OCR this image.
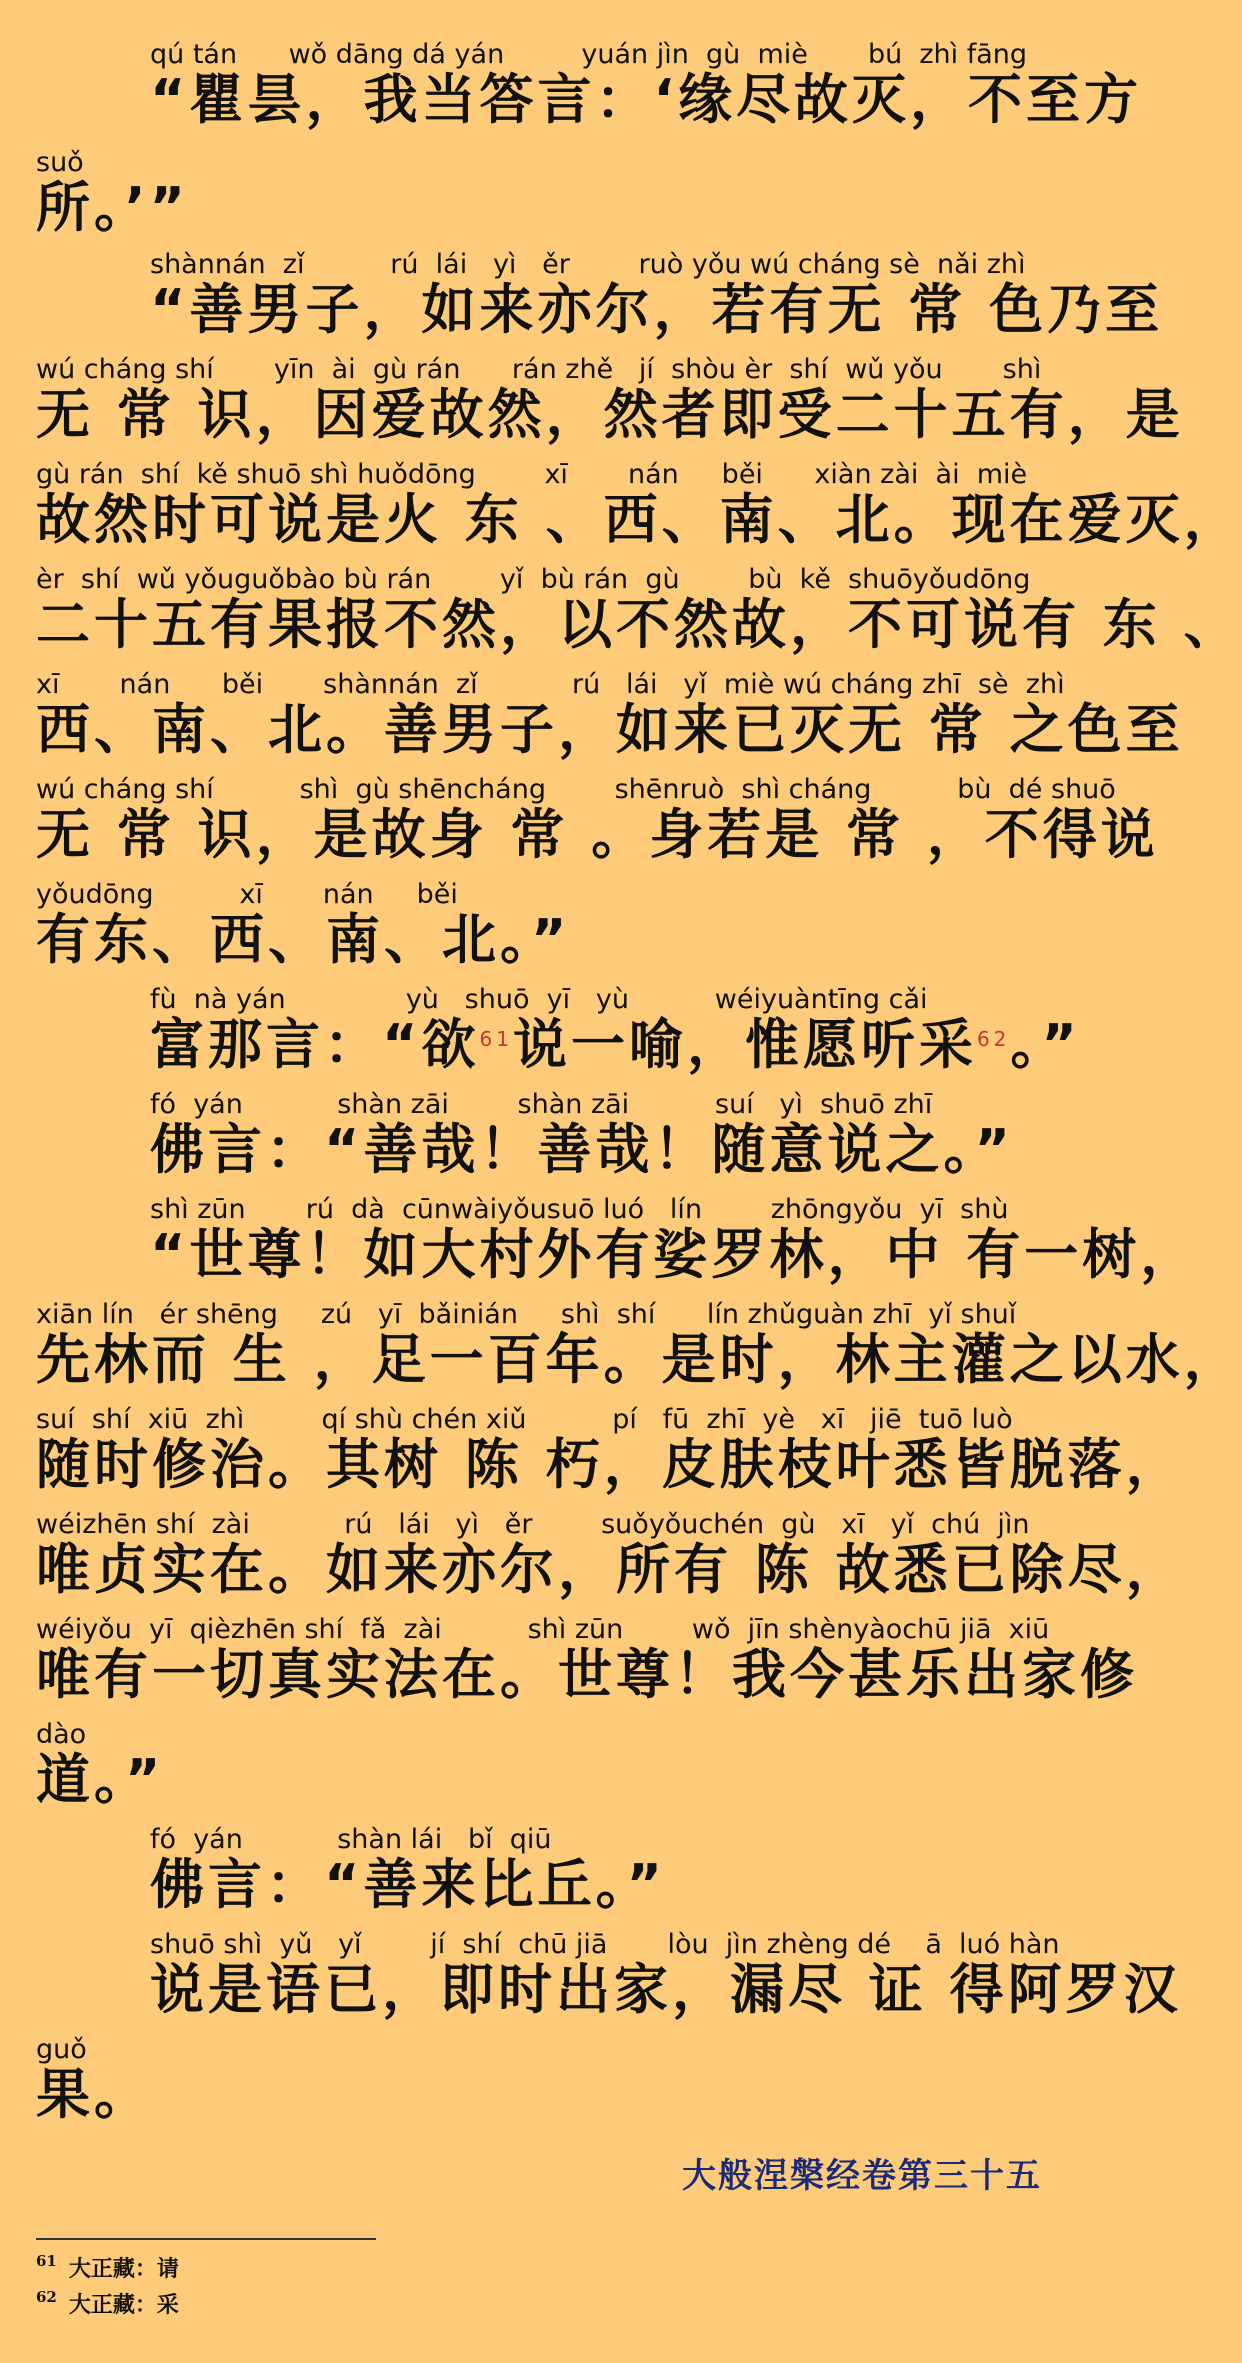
qú tán      wǒ dāng dá yán         yuán jìn  gù  miè       bú  zhì fāng
“瞿昙，我当答言：‘缘尽故灭，不至方
suǒ
所。’”
shànnán  zǐ          rú  lái   yì   ěr        ruò yǒu wú cháng sè  nǎi zhì
“善男子，如来亦尔，若有无 常 色乃至
wú cháng shí       yīn  ài  gù rán      rán zhě   jí  shòu èr  shí  wǔ yǒu       shì
无 常 识，因爱故然，然者即受二十五有，是
gù rán  shí  kě shuō shì huǒdōng        xī       nán     běi      xiàn zài  ài  miè
故然时可说是火 东 、西、南、北。现在爱灭，
èr  shí  wǔ yǒuguǒbào bù rán        yǐ  bù rán  gù        bù  kě  shuōyǒudōng
二十五有果报不然，以不然故，不可说有 东 、
xī       nán      běi       shànnán  zǐ           rú   lái   yǐ  miè wú cháng zhī  sè  zhì
西、南、北。善男子，如来已灭无 常 之色至
wú cháng shí          shì  gù shēncháng        shēnruò  shì cháng          bù  dé shuō
无 常 识，是故身 常 。身若是 常 ，不得说
yǒudōng          xī       nán     běi
有东、西、南、北。”
fù  nà yán              yù   shuō  yī   yù          wéiyuàntīng cǎi
富那言：“欲$^{61}$说一喻，惟愿听采$^{62}$。”
fó  yán           shàn zāi        shàn zāi          suí   yì  shuō zhī
佛言：“善哉！善哉！随意说之。”
shì zūn       rú  dà  cūnwàiyǒusuō luó   lín        zhōngyǒu  yī  shù
“世尊！如大村外有娑罗林，中 有一树，
xiān lín   ér shēng     zú   yī  bǎinián     shì  shí      lín zhǔguàn zhī  yǐ shuǐ
先林而 生 ，足一百年。是时，林主灌之以水，
suí  shí  xiū  zhì         qí shù chén xiǔ          pí   fū  zhī  yè   xī   jiē  tuō luò
随时修治。其树 陈 朽，皮肤枝叶悉皆脱落，
wéizhēn shí  zài           rú   lái   yì   ěr        suǒyǒuchén  gù   xī   yǐ  chú  jìn
唯贞实在。如来亦尔，所有 陈 故悉已除尽，
wéiyǒu  yī  qièzhēn shí  fǎ  zài          shì zūn        wǒ  jīn shènyàochū jiā  xiū
唯有一切真实法在。世尊！我今甚乐出家修
dào
道。”
fó  yán           shàn lái   bǐ  qiū
佛言：“善来比丘。”
shuō shì  yǔ   yǐ        jí  shí  chū jiā       lòu  jìn zhèng dé    ā  luó hàn
说是语已，即时出家，漏尽 证 得阿罗汉
guǒ
果。
大般涅槃经卷第三十五
$^{61}$ 大正藏：请
$^{62}$ 大正藏：采
